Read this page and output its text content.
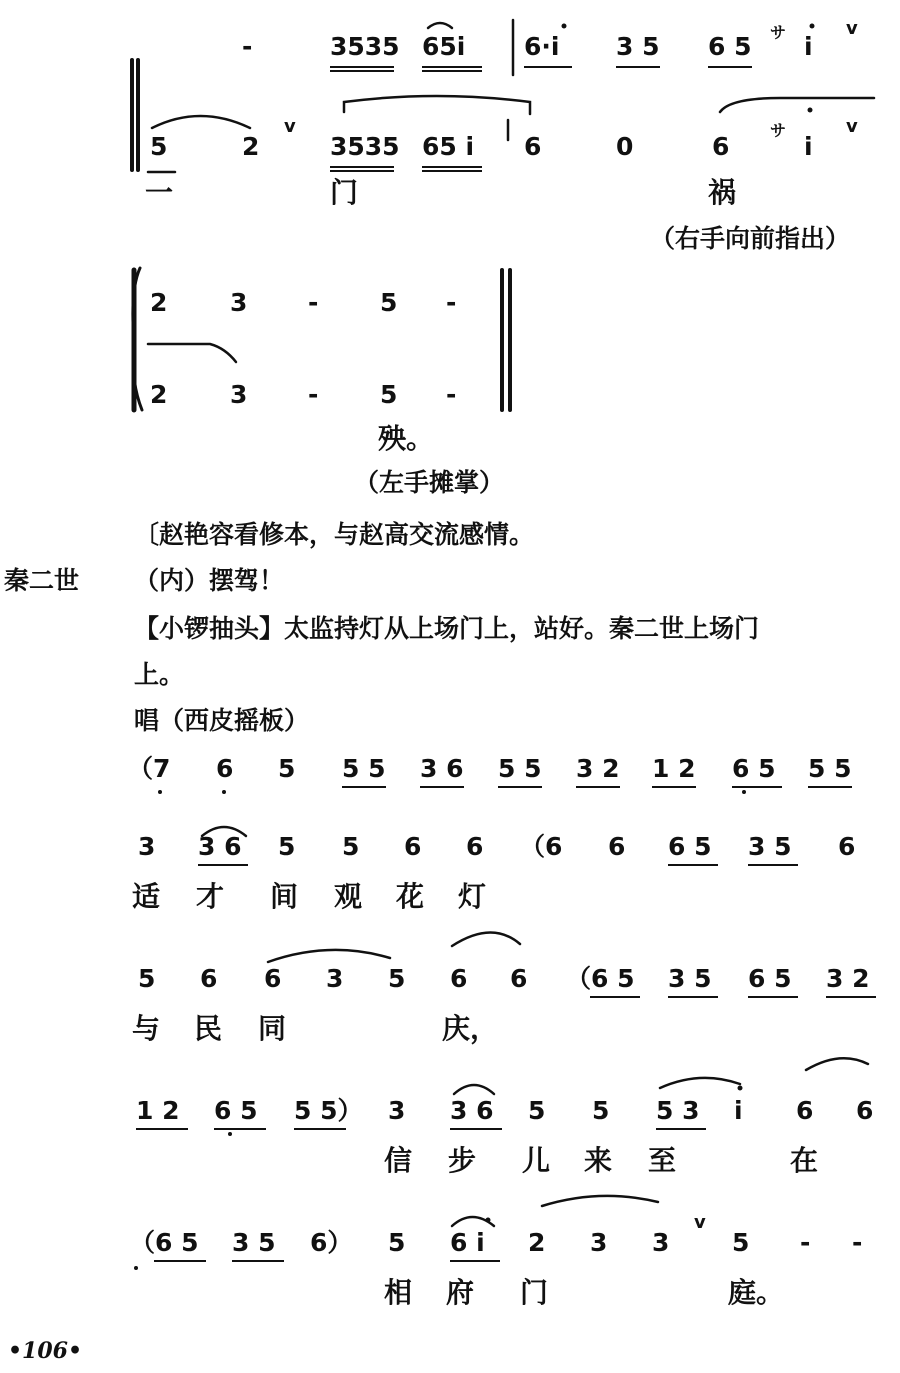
-	3535 65i 6·i 3 5 6 5 サ i
v
5	2
v
3535 65 i 6	0	6
サ
i
v
一	门	祸
（右手向前指出）
2	3 - 5 -
2	3 - 5 -
殃。
（左手摊掌）
〔赵艳容看修本，与赵高交流感情。
秦二世 （内）摆驾！
【小锣抽头】 太监持灯从上场门上，站好。秦二世上场门
上。
唱（西皮摇板）
（7 6 5 5 5 3 6 5 5 3 2 1 2 6 5 5 5
3 3 6 5 5 6 6 （6 6 6 5 3 5 6
适 才 间 观 花 灯
5 6 6 3 5 6 6 （6 5 3 5 6 5 3 2
与 民 同	庆，
1 2 6 5 5 5） 3 3 6 5 5 5 3 i 6 6
信 步 儿 来 至	在
（6 5 3 5 6） 5 6 i 2 3 3
v
5 - -
相 府 门	庭。
•106•
